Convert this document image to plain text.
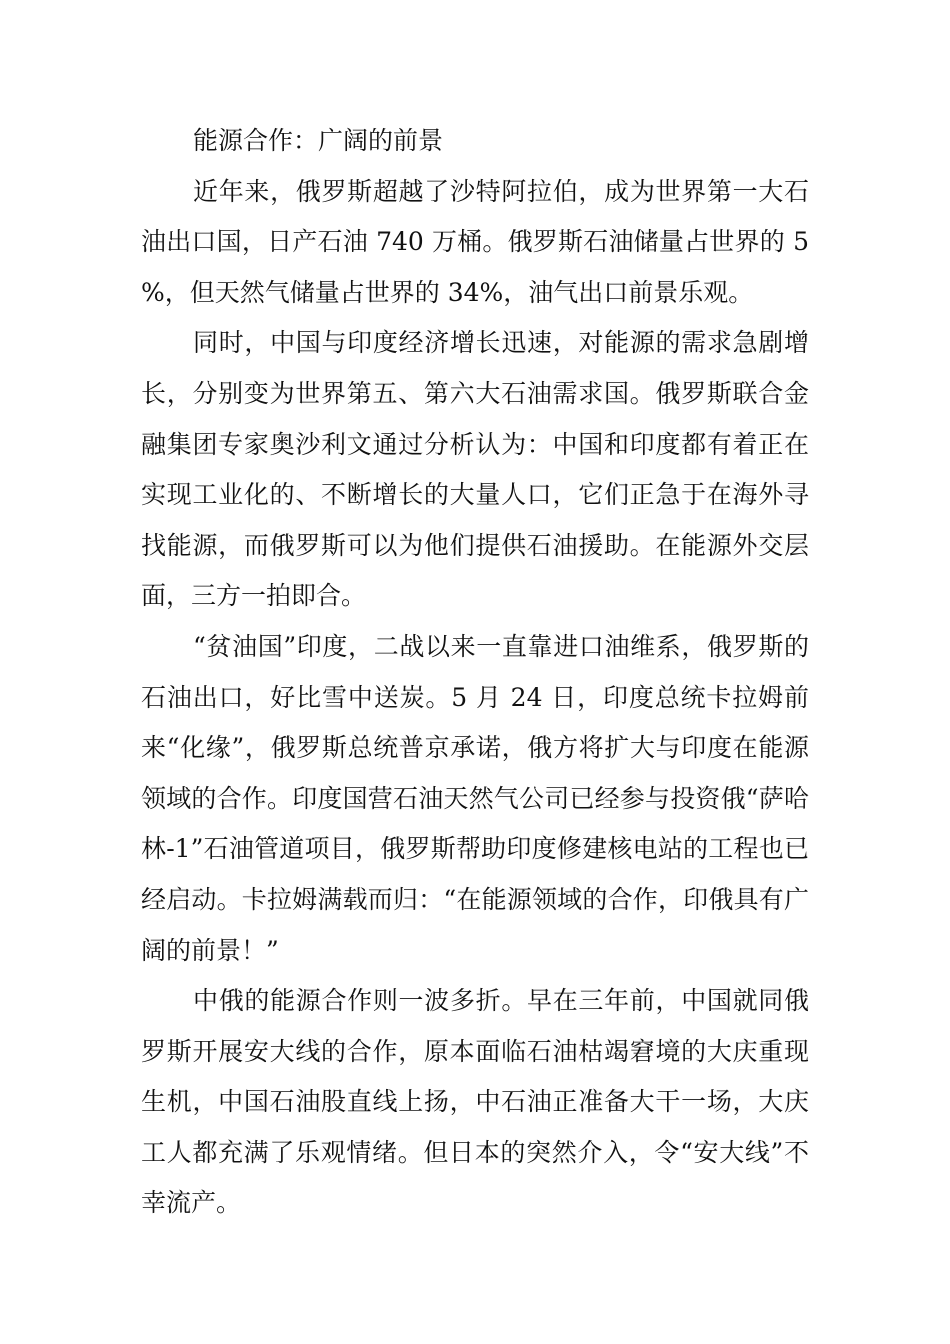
能源合作：广阔的前景

近年来，俄罗斯超越了沙特阿拉伯，成为世界第一大石油出口国，日产石油 740 万桶。俄罗斯石油储量占世界的 5%，但天然气储量占世界的 34%，油气出口前景乐观。

同时，中国与印度经济增长迅速，对能源的需求急剧增长，分别变为世界第五、第六大石油需求国。俄罗斯联合金融集团专家奥沙利文通过分析认为：中国和印度都有着正在实现工业化的、不断增长的大量人口，它们正急于在海外寻找能源，而俄罗斯可以为他们提供石油援助。在能源外交层面，三方一拍即合。

“贫油国”印度，二战以来一直靠进口油维系，俄罗斯的石油出口，好比雪中送炭。5 月 24 日，印度总统卡拉姆前来“化缘”，俄罗斯总统普京承诺，俄方将扩大与印度在能源领域的合作。印度国营石油天然气公司已经参与投资俄“萨哈林-1”石油管道项目，俄罗斯帮助印度修建核电站的工程也已经启动。卡拉姆满载而归：“在能源领域的合作，印俄具有广阔的前景！”

中俄的能源合作则一波多折。早在三年前，中国就同俄罗斯开展安大线的合作，原本面临石油枯竭窘境的大庆重现生机，中国石油股直线上扬，中石油正准备大干一场，大庆工人都充满了乐观情绪。但日本的突然介入，令“安大线”不幸流产。
